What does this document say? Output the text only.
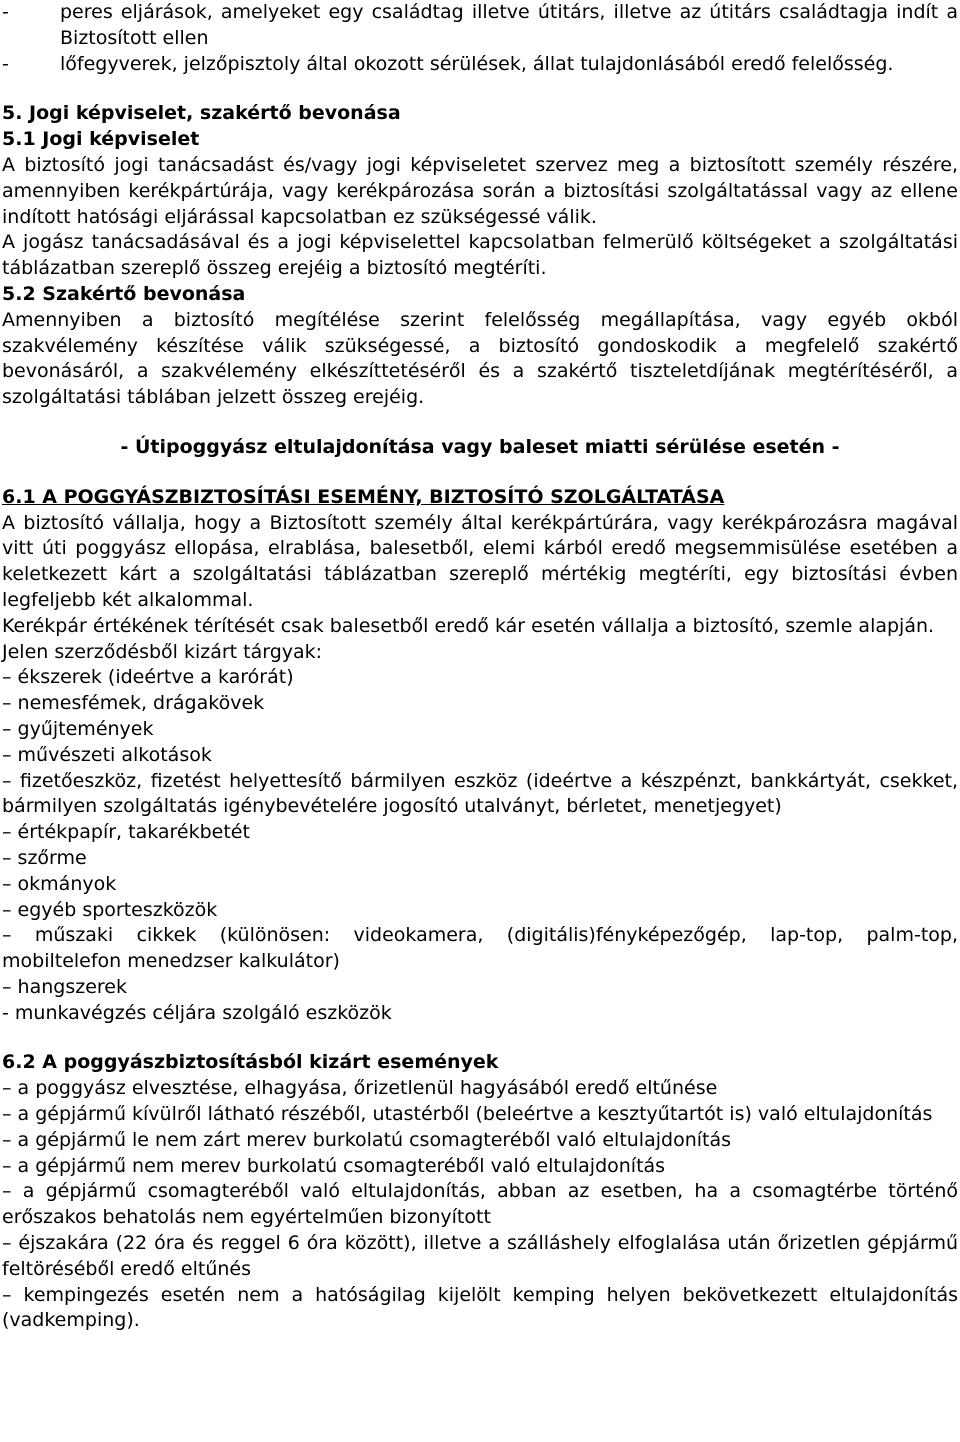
-	peres eljárások, amelyeket egy családtag illetve útitárs, illetve az útitárs családtagja indít a Biztosított ellen
-	lőfegyverek, jelzőpisztoly által okozott sérülések, állat tulajdonlásából eredő felelősség.

5. Jogi képviselet, szakértő bevonása

5.1 Jogi képviselet

A biztosító jogi tanácsadást és/vagy jogi képviseletet szervez meg a biztosított személy részére, amennyiben kerékpártúrája, vagy kerékpározása során a biztosítási szolgáltatással vagy az ellene indított hatósági eljárással kapcsolatban ez szükségessé válik.

A jogász tanácsadásával és a jogi képviselettel kapcsolatban felmerülő költségeket a szolgáltatási táblázatban szereplő összeg erejéig a biztosító megtéríti.

5.2 Szakértő bevonása

Amennyiben a biztosító megítélése szerint felelősség megállapítása, vagy egyéb okból szakvélemény készítése válik szükségessé, a biztosító gondoskodik a megfelelő szakértő bevonásáról, a szakvélemény elkészíttetéséről és a szakértő tiszteletdíjának megtérítéséről, a szolgáltatási táblában jelzett összeg erejéig.

- Útipoggyász eltulajdonítása vagy baleset miatti sérülése esetén -

6.1 A POGGYÁSZBIZTOSÍTÁSI ESEMÉNY, BIZTOSÍTÓ SZOLGÁLTATÁSA

A biztosító vállalja, hogy a Biztosított személy által kerékpártúrára, vagy kerékpározásra magával vitt úti poggyász ellopása, elrablása, balesetből, elemi kárból eredő megsemmisülése esetében a keletkezett kárt a szolgáltatási táblázatban szereplő mértékig megtéríti, egy biztosítási évben legfeljebb két alkalommal.

Kerékpár értékének térítését csak balesetből eredő kár esetén vállalja a biztosító, szemle alapján.

Jelen szerződésből kizárt tárgyak:

– ékszerek (ideértve a karórát)

– nemesfémek, drágakövek

– gyűjtemények

– művészeti alkotások

– fizetőeszköz, fizetést helyettesítő bármilyen eszköz (ideértve a készpénzt, bankkártyát, csekket, bármilyen szolgáltatás igénybevételére jogosító utalványt, bérletet, menetjegyet)

– értékpapír, takarékbetét

– szőrme

– okmányok

– egyéb sporteszközök

– műszaki cikkek (különösen: videokamera, (digitális)fényképezőgép, lap-top, palm-top, mobiltelefon menedzser kalkulátor)

– hangszerek

- munkavégzés céljára szolgáló eszközök

6.2 A poggyászbiztosításból kizárt események

– a poggyász elvesztése, elhagyása, őrizetlenül hagyásából eredő eltűnése

– a gépjármű kívülről látható részéből, utastérből (beleértve a kesztyűtartót is) való eltulajdonítás

– a gépjármű le nem zárt merev burkolatú csomagteréből való eltulajdonítás

– a gépjármű nem merev burkolatú csomagteréből való eltulajdonítás

– a gépjármű csomagteréből való eltulajdonítás, abban az esetben, ha a csomagtérbe történő erőszakos behatolás nem egyértelműen bizonyított

– éjszakára (22 óra és reggel 6 óra között), illetve a szálláshely elfoglalása után őrizetlen gépjármű feltöréséből eredő eltűnés

– kempingezés esetén nem a hatóságilag kijelölt kemping helyen bekövetkezett eltulajdonítás (vadkemping).
